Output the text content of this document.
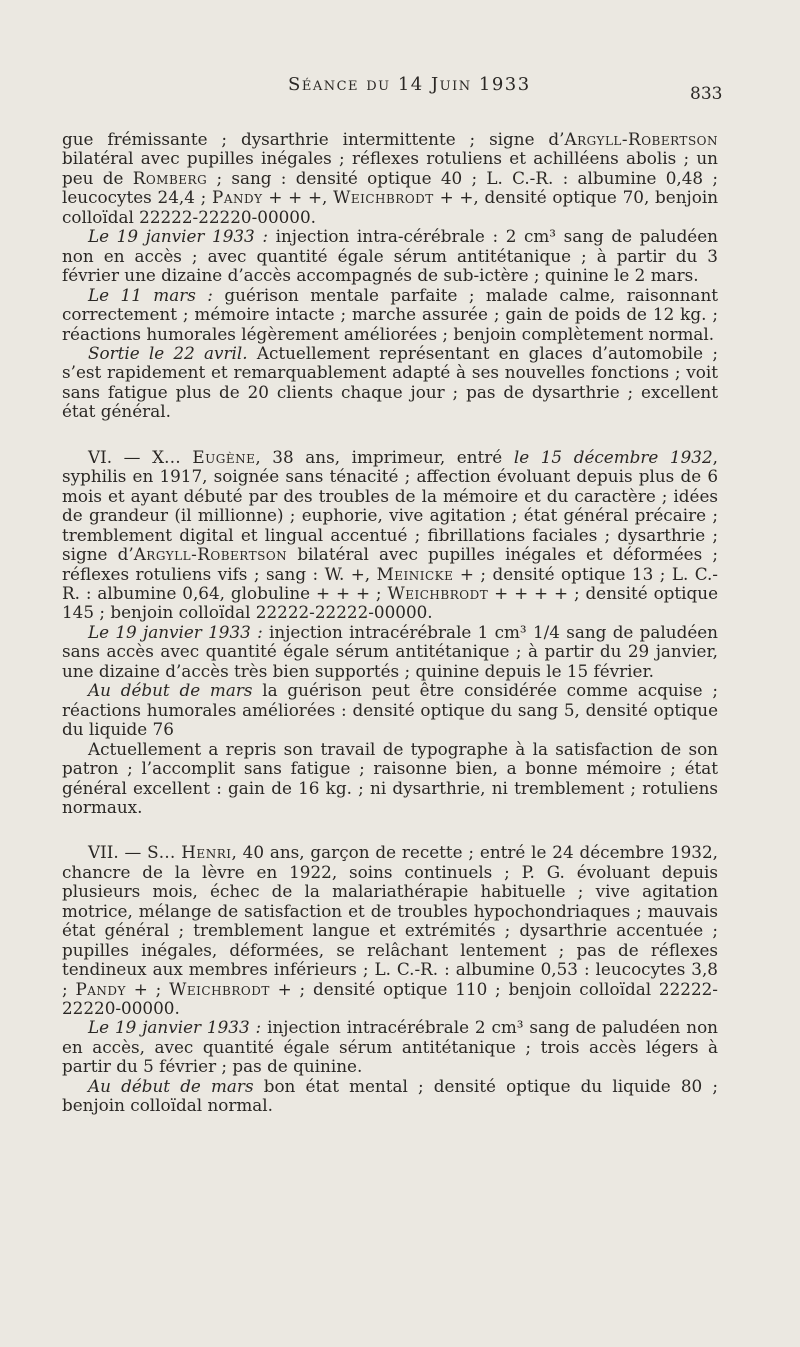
Séance du 14 Juin 1933	833

gue frémissante ; dysarthrie intermittente ; signe d’Argyll-Robertson bilatéral avec pupilles inégales ; réflexes rotuliens et achilléens abolis ; un peu de Romberg ; sang : densité optique 40 ; L. C.-R. : albumine 0,48 ; leucocytes 24,4 ; Pandy + + +, Weichbrodt + +, densité optique 70, benjoin colloïdal 22222-22220-00000.

Le 19 janvier 1933 : injection intra-cérébrale : 2 cm³ sang de paludéen non en accès ; avec quantité égale sérum antitétanique ; à partir du 3 février une dizaine d’accès accompagnés de sub-ictère ; quinine le 2 mars.

Le 11 mars : guérison mentale parfaite ; malade calme, raisonnant correctement ; mémoire intacte ; marche assurée ; gain de poids de 12 kg. ; réactions humorales légèrement améliorées ; benjoin complètement normal.

Sortie le 22 avril. Actuellement représentant en glaces d’automobile ; s’est rapidement et remarquablement adapté à ses nouvelles fonctions ; voit sans fatigue plus de 20 clients chaque jour ; pas de dysarthrie ; excellent état général.

VI. — X… Eugène, 38 ans, imprimeur, entré le 15 décembre 1932, syphilis en 1917, soignée sans ténacité ; affection évoluant depuis plus de 6 mois et ayant débuté par des troubles de la mémoire et du caractère ; idées de grandeur (il millionne) ; euphorie, vive agitation ; état général précaire ; tremblement digital et lingual accentué ; fibrillations faciales ; dysarthrie ; signe d’Argyll-Robertson bilatéral avec pupilles inégales et déformées ; réflexes rotuliens vifs ; sang : W. +, Meinicke + ; densité optique 13 ; L. C.-R. : albumine 0,64, globuline + + + ; Weichbrodt + + + + ; densité optique 145 ; benjoin colloïdal 22222-22222-00000.

Le 19 janvier 1933 : injection intracérébrale 1 cm³ 1/4 sang de paludéen sans accès avec quantité égale sérum antitétanique ; à partir du 29 janvier, une dizaine d’accès très bien supportés ; quinine depuis le 15 février.

Au début de mars la guérison peut être considérée comme acquise ; réactions humorales améliorées : densité optique du sang 5, densité optique du liquide 76

Actuellement a repris son travail de typographe à la satisfaction de son patron ; l’accomplit sans fatigue ; raisonne bien, a bonne mémoire ; état général excellent : gain de 16 kg. ; ni dysarthrie, ni tremblement ; rotuliens normaux.

VII. — S… Henri, 40 ans, garçon de recette ; entré le 24 décembre 1932, chancre de la lèvre en 1922, soins continuels ; P. G. évoluant depuis plusieurs mois, échec de la malariathérapie habituelle ; vive agitation motrice, mélange de satisfaction et de troubles hypochondriaques ; mauvais état général ; tremblement langue et extrémités ; dysarthrie accentuée ; pupilles inégales, déformées, se relâchant lentement ; pas de réflexes tendineux aux membres inférieurs ; L. C.-R. : albumine 0,53 : leucocytes 3,8 ; Pandy + ; Weichbrodt + ; densité optique 110 ; benjoin colloïdal 22222-22220-00000.

Le 19 janvier 1933 : injection intracérébrale 2 cm³ sang de paludéen non en accès, avec quantité égale sérum antitétanique ; trois accès légers à partir du 5 février ; pas de quinine.

Au début de mars bon état mental ; densité optique du liquide 80 ; benjoin colloïdal normal.
